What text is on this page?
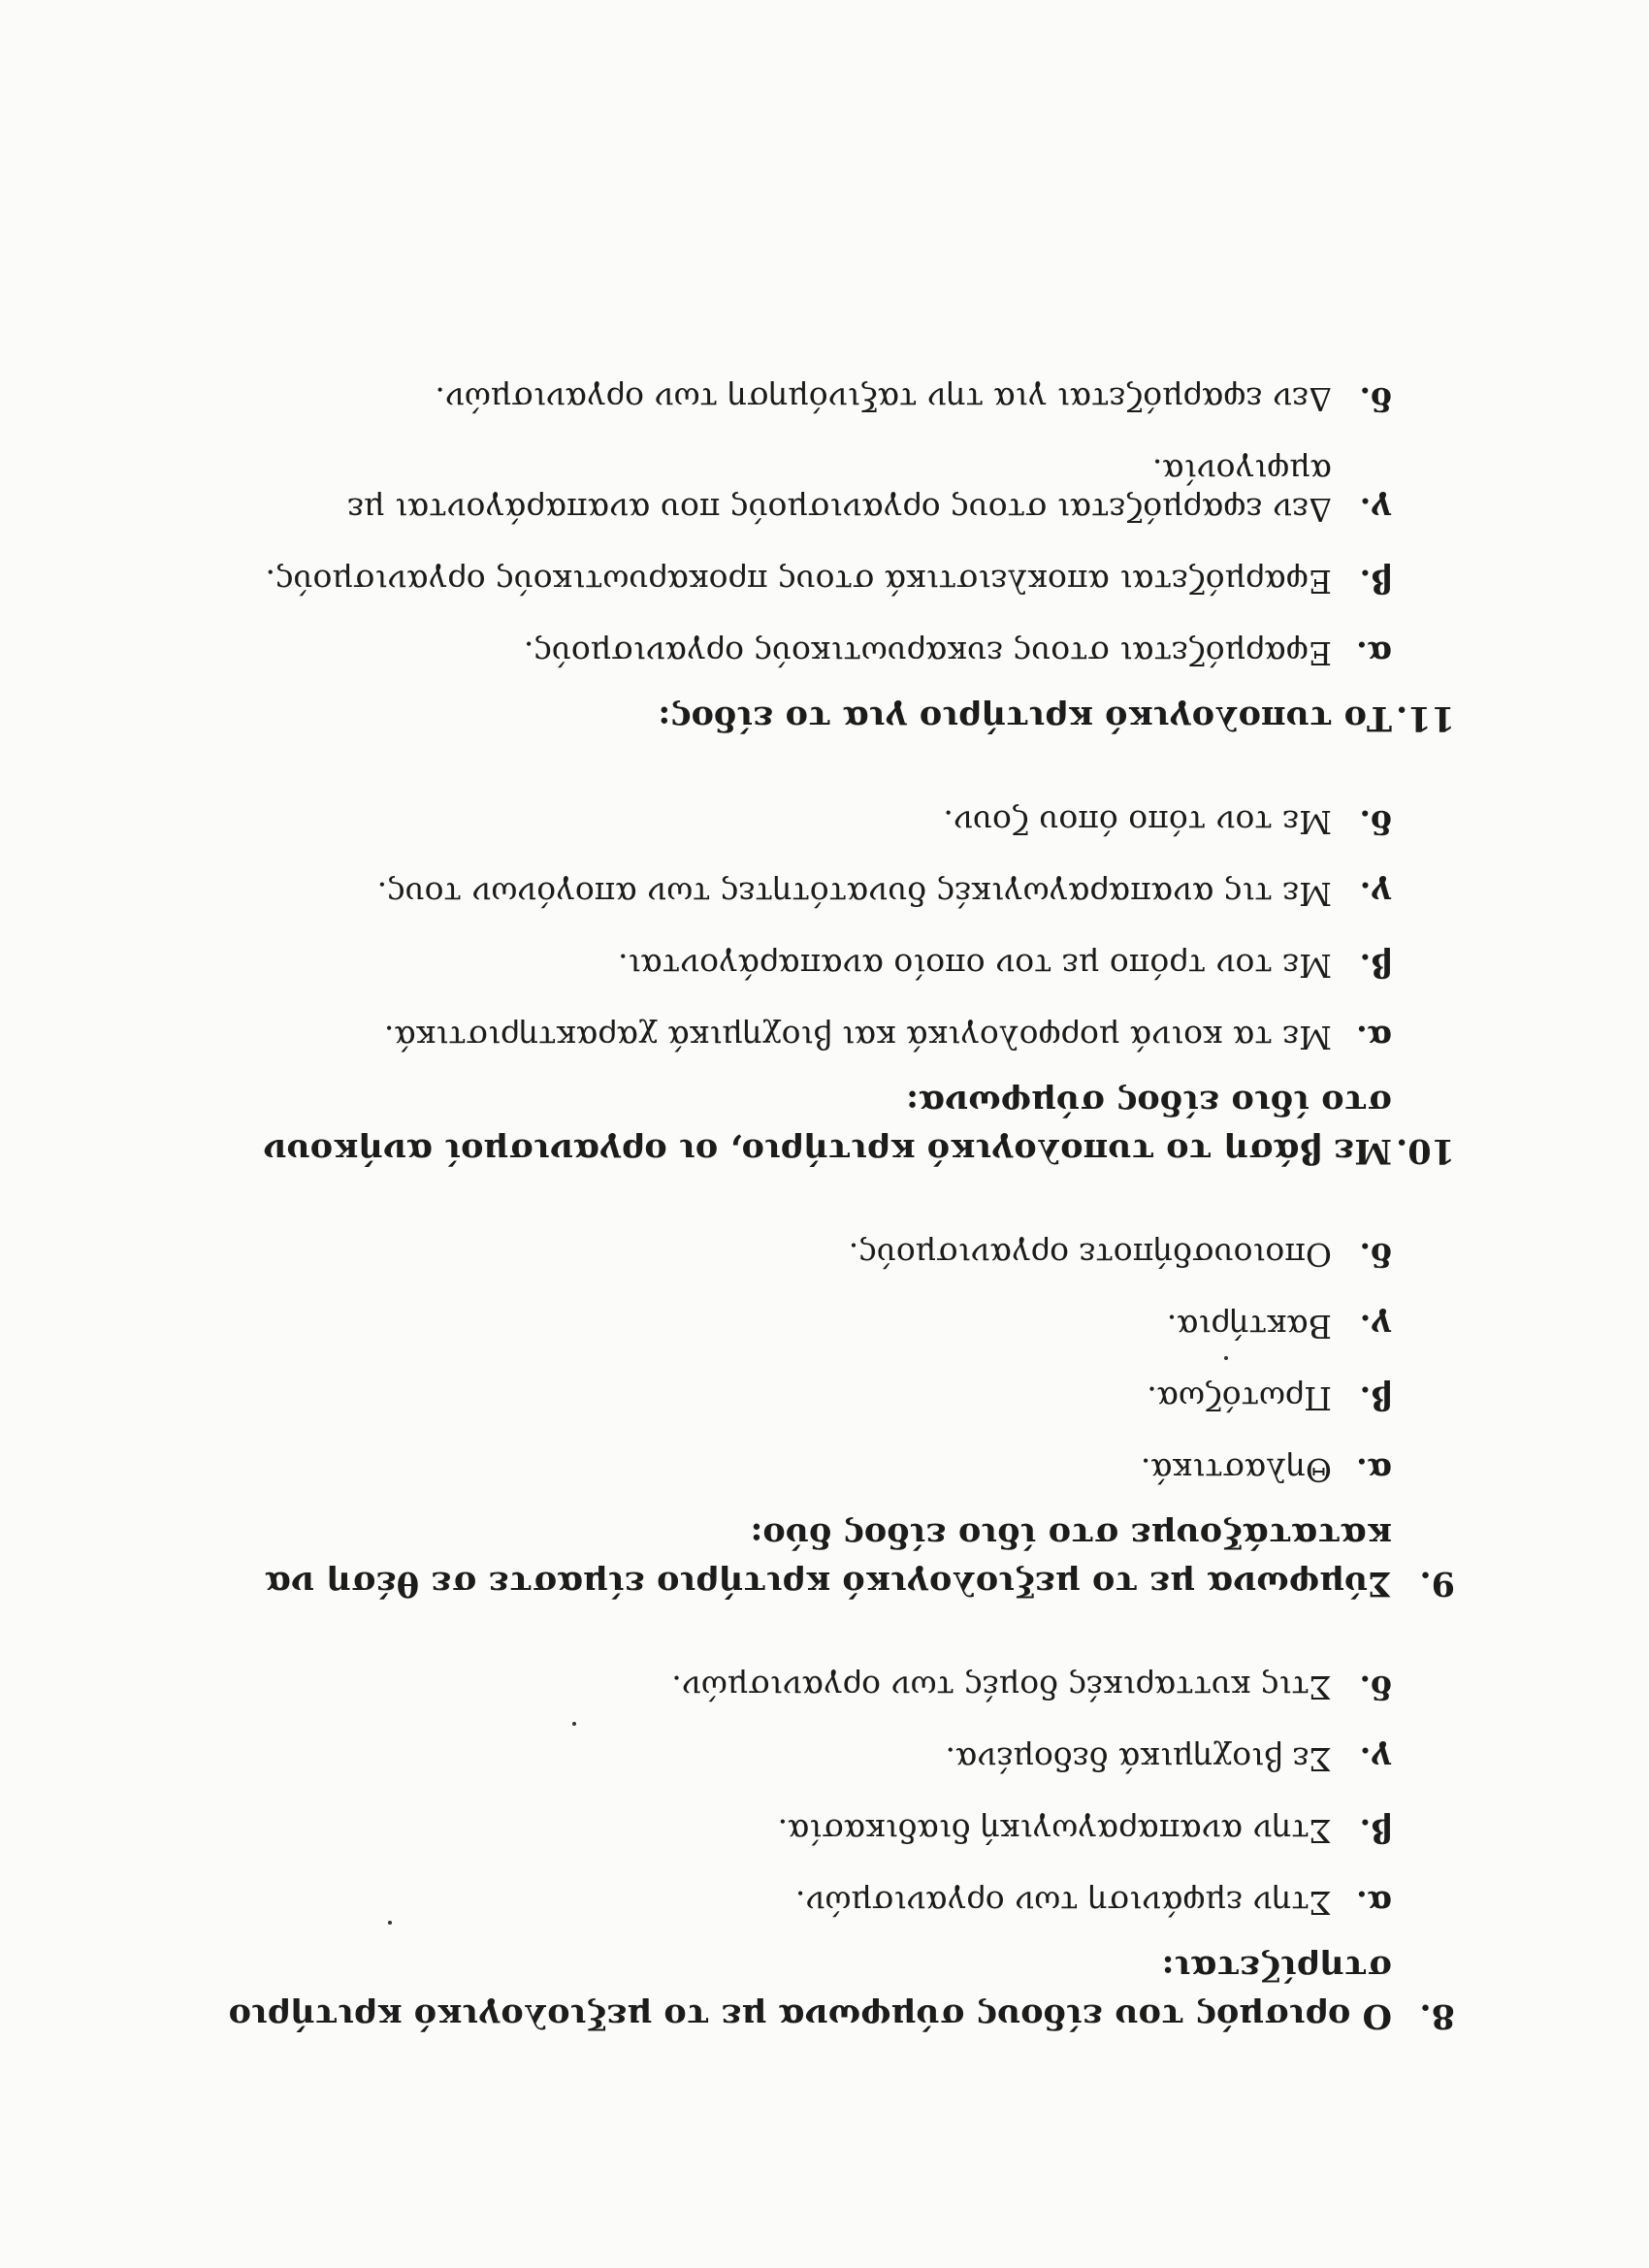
8.
Ο ορισμός του είδους σύμφωνα με το μεξιολογικό κριτήριο στηρίζεται:
α.
Στην εμφάνιση των οργανισμών.
β.
Στην αναπαραγωγική διαδικασία.
γ.
Σε βιοχημικά δεδομένα.
δ.
Στις κυτταρικές δομές των οργανισμών.
9.
Σύμφωνα με το μεξιολογικό κριτήριο είμαστε σε θέση να κατατάξουμε στο ίδιο είδος δύο:
α.
Θηλαστικά.
β.
Πρωτόζωα.
γ.
Βακτήρια.
δ.
Οποιουσδήποτε οργανισμούς.
10.
Με βάση το τυπολογικό κριτήριο, οι οργανισμοί ανήκουν στο ίδιο είδος σύμφωνα:
α.
Με τα κοινά μορφολογικά και βιοχημικά χαρακτηριστικά.
β.
Με τον τρόπο με τον οποίο αναπαράγονται.
γ.
Με τις αναπαραγωγικές δυνατότητες των απογόνων τους.
δ.
Με τον τόπο όπου ζουν.
11.
Το τυπολογικό κριτήριο για το είδος:
α.
Εφαρμόζεται στους ευκαρυωτικούς οργανισμούς.
β.
Εφαρμόζεται αποκλειστικά στους προκαρυωτικούς οργανισμούς.
γ.
Δεν εφαρμόζεται στους οργανισμούς που αναπαράγονται με αμφιγονία.
δ.
Δεν εφαρμόζεται για την ταξινόμηση των οργανισμών.
